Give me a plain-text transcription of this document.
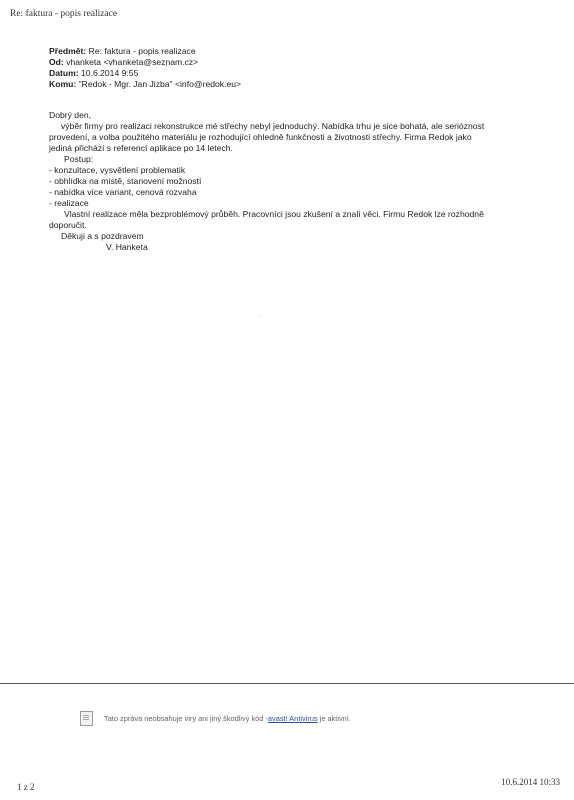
Re: faktura - popis realizace
Předmět: Re: faktura - popis realizace
Od: vhanketa <vhanketa@seznam.cz>
Datum: 10.6.2014 9:55
Komu: "Redok - Mgr. Jan Jizba" <info@redok.eu>

Dobrý den,

výběr firmy pro realizaci rekonstrukce mé střechy nebyl jednoduchý. Nabídka trhu je sice bohatá, ale serióznost

provedení, a volba použitého materiálu je rozhodující ohledně funkčnosti a životnosti střechy. Firma Redok jako

jediná přichází s referencí aplikace po 14 letech.

Postup:

- konzultace, vysvětlení problematik

- obhlídka na místě, stanovení možností

- nabídka více variant, cenová rozvaha

- realizace

Vlastní realizace měla bezproblémový průběh. Pracovníci jsou zkušení a znalí věci. Firmu Redok lze rozhodně

doporučit.

Děkuji a s pozdravem

V. Hanketa

Tato zpráva neobsahuje viry ani jiný škodlivý kód -avast! Antivirus je aktivní.
1 z 2	10.6.2014 10:33
